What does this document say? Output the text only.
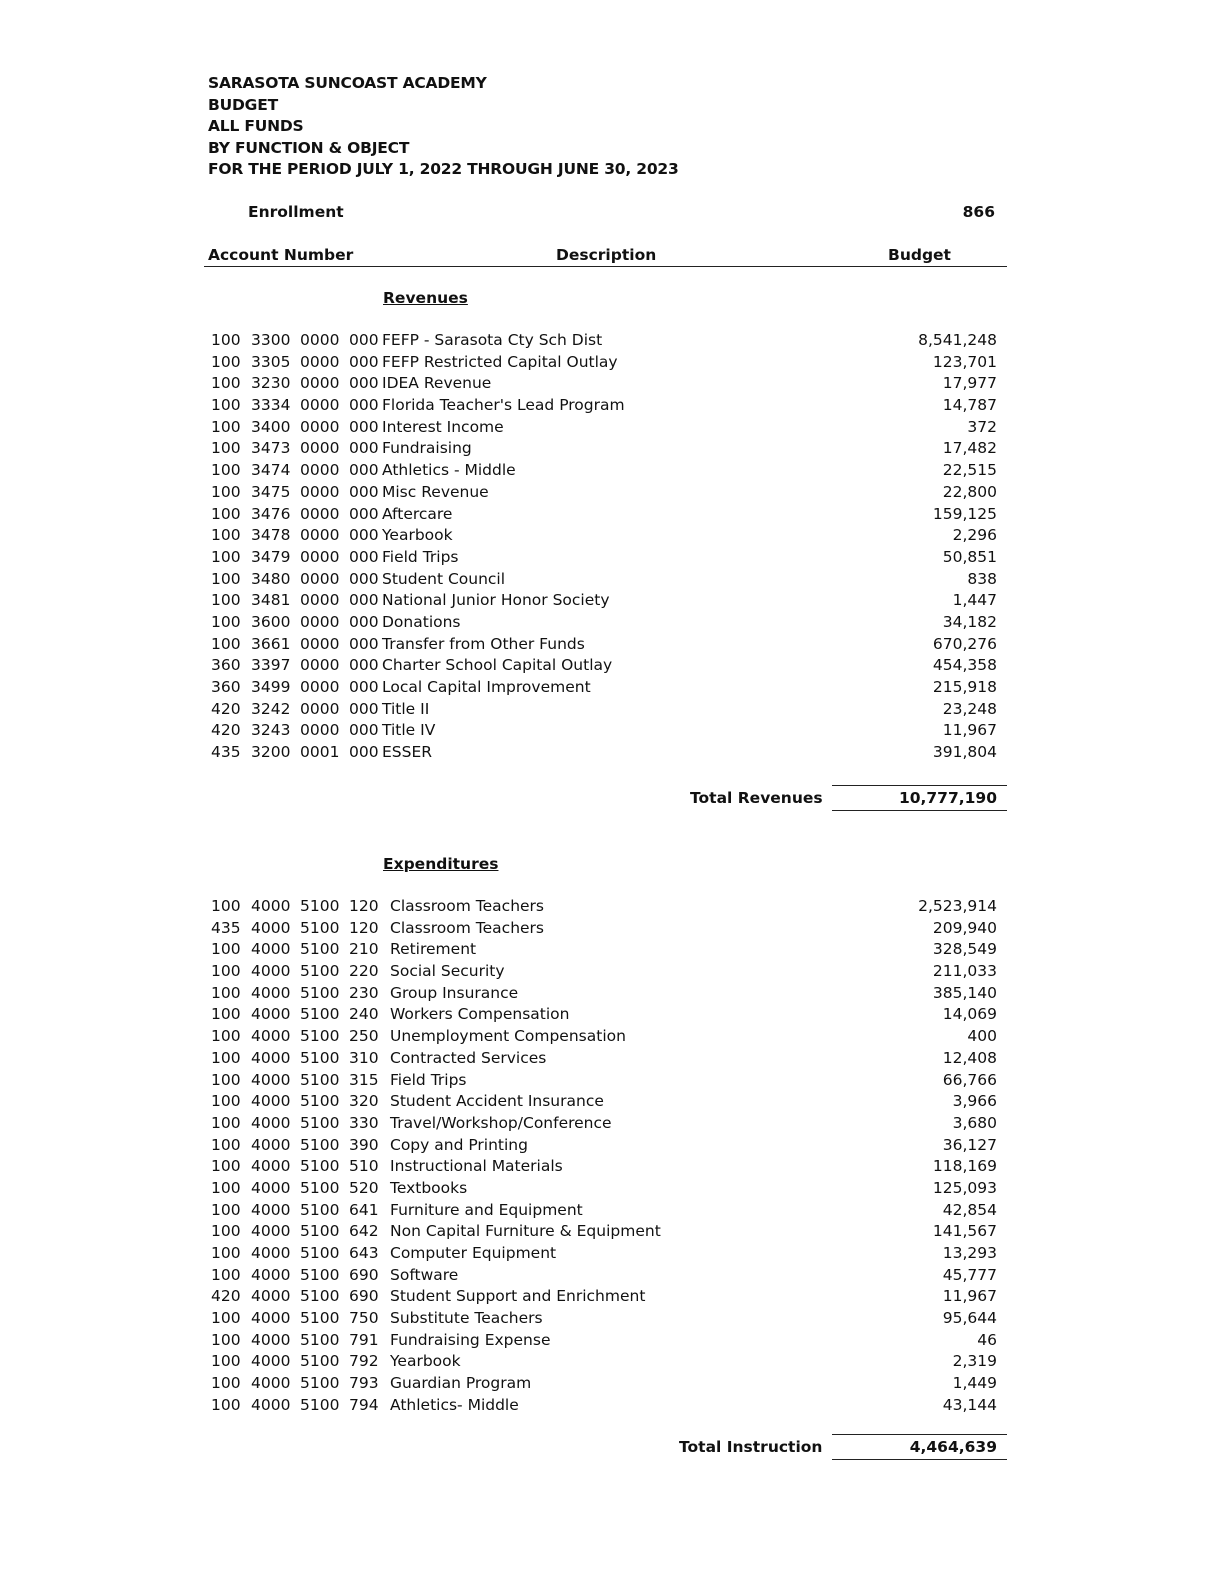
SARASOTA SUNCOAST ACADEMY
BUDGET
ALL FUNDS
BY FUNCTION & OBJECT
FOR THE PERIOD JULY 1, 2022 THROUGH JUNE 30, 2023
Enrollment	866
Account Number	Description	Budget
Revenues
100 3300 0000 000 FEFP - Sarasota Cty Sch Dist	8,541,248
100 3305 0000 000 FEFP Restricted Capital Outlay	123,701
100 3230 0000 000 IDEA Revenue	17,977
100 3334 0000 000 Florida Teacher's Lead Program	14,787
100 3400 0000 000 Interest Income	372
100 3473 0000 000 Fundraising	17,482
100 3474 0000 000 Athletics - Middle	22,515
100 3475 0000 000 Misc Revenue	22,800
100 3476 0000 000 Aftercare	159,125
100 3478 0000 000 Yearbook	2,296
100 3479 0000 000 Field Trips	50,851
100 3480 0000 000 Student Council	838
100 3481 0000 000 National Junior Honor Society	1,447
100 3600 0000 000 Donations	34,182
100 3661 0000 000 Transfer from Other Funds	670,276
360 3397 0000 000 Charter School Capital Outlay	454,358
360 3499 0000 000 Local Capital Improvement	215,918
420 3242 0000 000 Title II	23,248
420 3243 0000 000 Title IV	11,967
435 3200 0001 000 ESSER	391,804
Total Revenues	10,777,190
Expenditures
100 4000 5100 120 Classroom Teachers	2,523,914
435 4000 5100 120 Classroom Teachers	209,940
100 4000 5100 210 Retirement	328,549
100 4000 5100 220 Social Security	211,033
100 4000 5100 230 Group Insurance	385,140
100 4000 5100 240 Workers Compensation	14,069
100 4000 5100 250 Unemployment Compensation	400
100 4000 5100 310 Contracted Services	12,408
100 4000 5100 315 Field Trips	66,766
100 4000 5100 320 Student Accident Insurance	3,966
100 4000 5100 330 Travel/Workshop/Conference	3,680
100 4000 5100 390 Copy and Printing	36,127
100 4000 5100 510 Instructional Materials	118,169
100 4000 5100 520 Textbooks	125,093
100 4000 5100 641 Furniture and Equipment	42,854
100 4000 5100 642 Non Capital Furniture & Equipment	141,567
100 4000 5100 643 Computer Equipment	13,293
100 4000 5100 690 Software	45,777
420 4000 5100 690 Student Support and Enrichment	11,967
100 4000 5100 750 Substitute Teachers	95,644
100 4000 5100 791 Fundraising Expense	46
100 4000 5100 792 Yearbook	2,319
100 4000 5100 793 Guardian Program	1,449
100 4000 5100 794 Athletics- Middle	43,144
Total Instruction	4,464,639
